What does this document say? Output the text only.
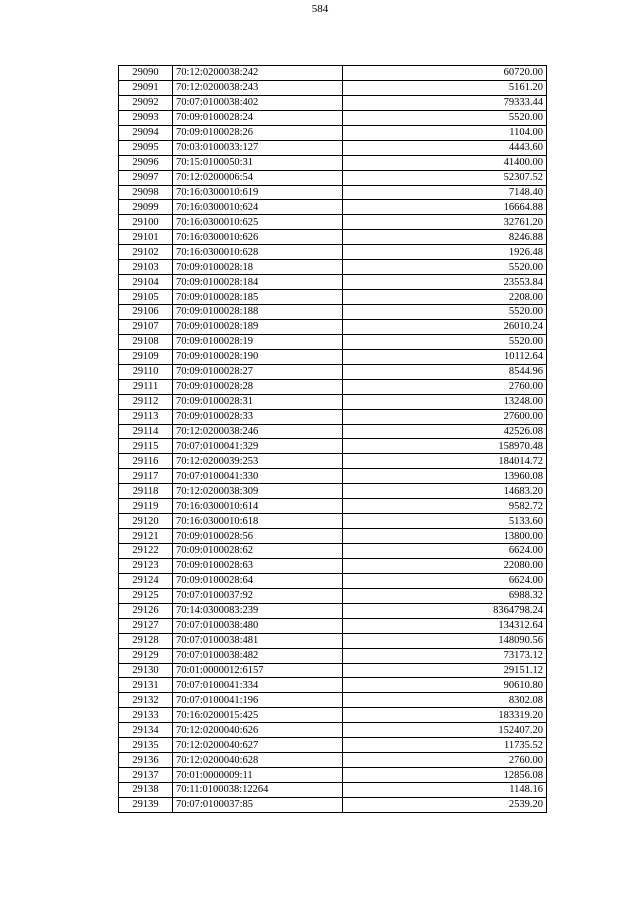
584
29090	70:12:0200038:242	60720.00
29091	70:12:0200038:243	5161.20
29092	70:07:0100038:402	79333.44
29093	70:09:0100028:24	5520.00
29094	70:09:0100028:26	1104.00
29095	70:03:0100033:127	4443.60
29096	70:15:0100050:31	41400.00
29097	70:12:0200006:54	52307.52
29098	70:16:0300010:619	7148.40
29099	70:16:0300010:624	16664.88
29100	70:16:0300010:625	32761.20
29101	70:16:0300010:626	8246.88
29102	70:16:0300010:628	1926.48
29103	70:09:0100028:18	5520.00
29104	70:09:0100028:184	23553.84
29105	70:09:0100028:185	2208.00
29106	70:09:0100028:188	5520.00
29107	70:09:0100028:189	26010.24
29108	70:09:0100028:19	5520.00
29109	70:09:0100028:190	10112.64
29110	70:09:0100028:27	8544.96
29111	70:09:0100028:28	2760.00
29112	70:09:0100028:31	13248.00
29113	70:09:0100028:33	27600.00
29114	70:12:0200038:246	42526.08
29115	70:07:0100041:329	158970.48
29116	70:12:0200039:253	184014.72
29117	70:07:0100041:330	13960.08
29118	70:12:0200038:309	14683.20
29119	70:16:0300010:614	9582.72
29120	70:16:0300010:618	5133.60
29121	70:09:0100028:56	13800.00
29122	70:09:0100028:62	6624.00
29123	70:09:0100028:63	22080.00
29124	70:09:0100028:64	6624.00
29125	70:07:0100037:92	6988.32
29126	70:14:0300083:239	8364798.24
29127	70:07:0100038:480	134312.64
29128	70:07:0100038:481	148090.56
29129	70:07:0100038:482	73173.12
29130	70:01:0000012:6157	29151.12
29131	70:07:0100041:334	90610.80
29132	70:07:0100041:196	8302.08
29133	70:16:0200015:425	183319.20
29134	70:12:0200040:626	152407.20
29135	70:12:0200040:627	11735.52
29136	70:12:0200040:628	2760.00
29137	70:01:0000009:11	12856.08
29138	70:11:0100038:12264	1148.16
29139	70:07:0100037:85	2539.20
